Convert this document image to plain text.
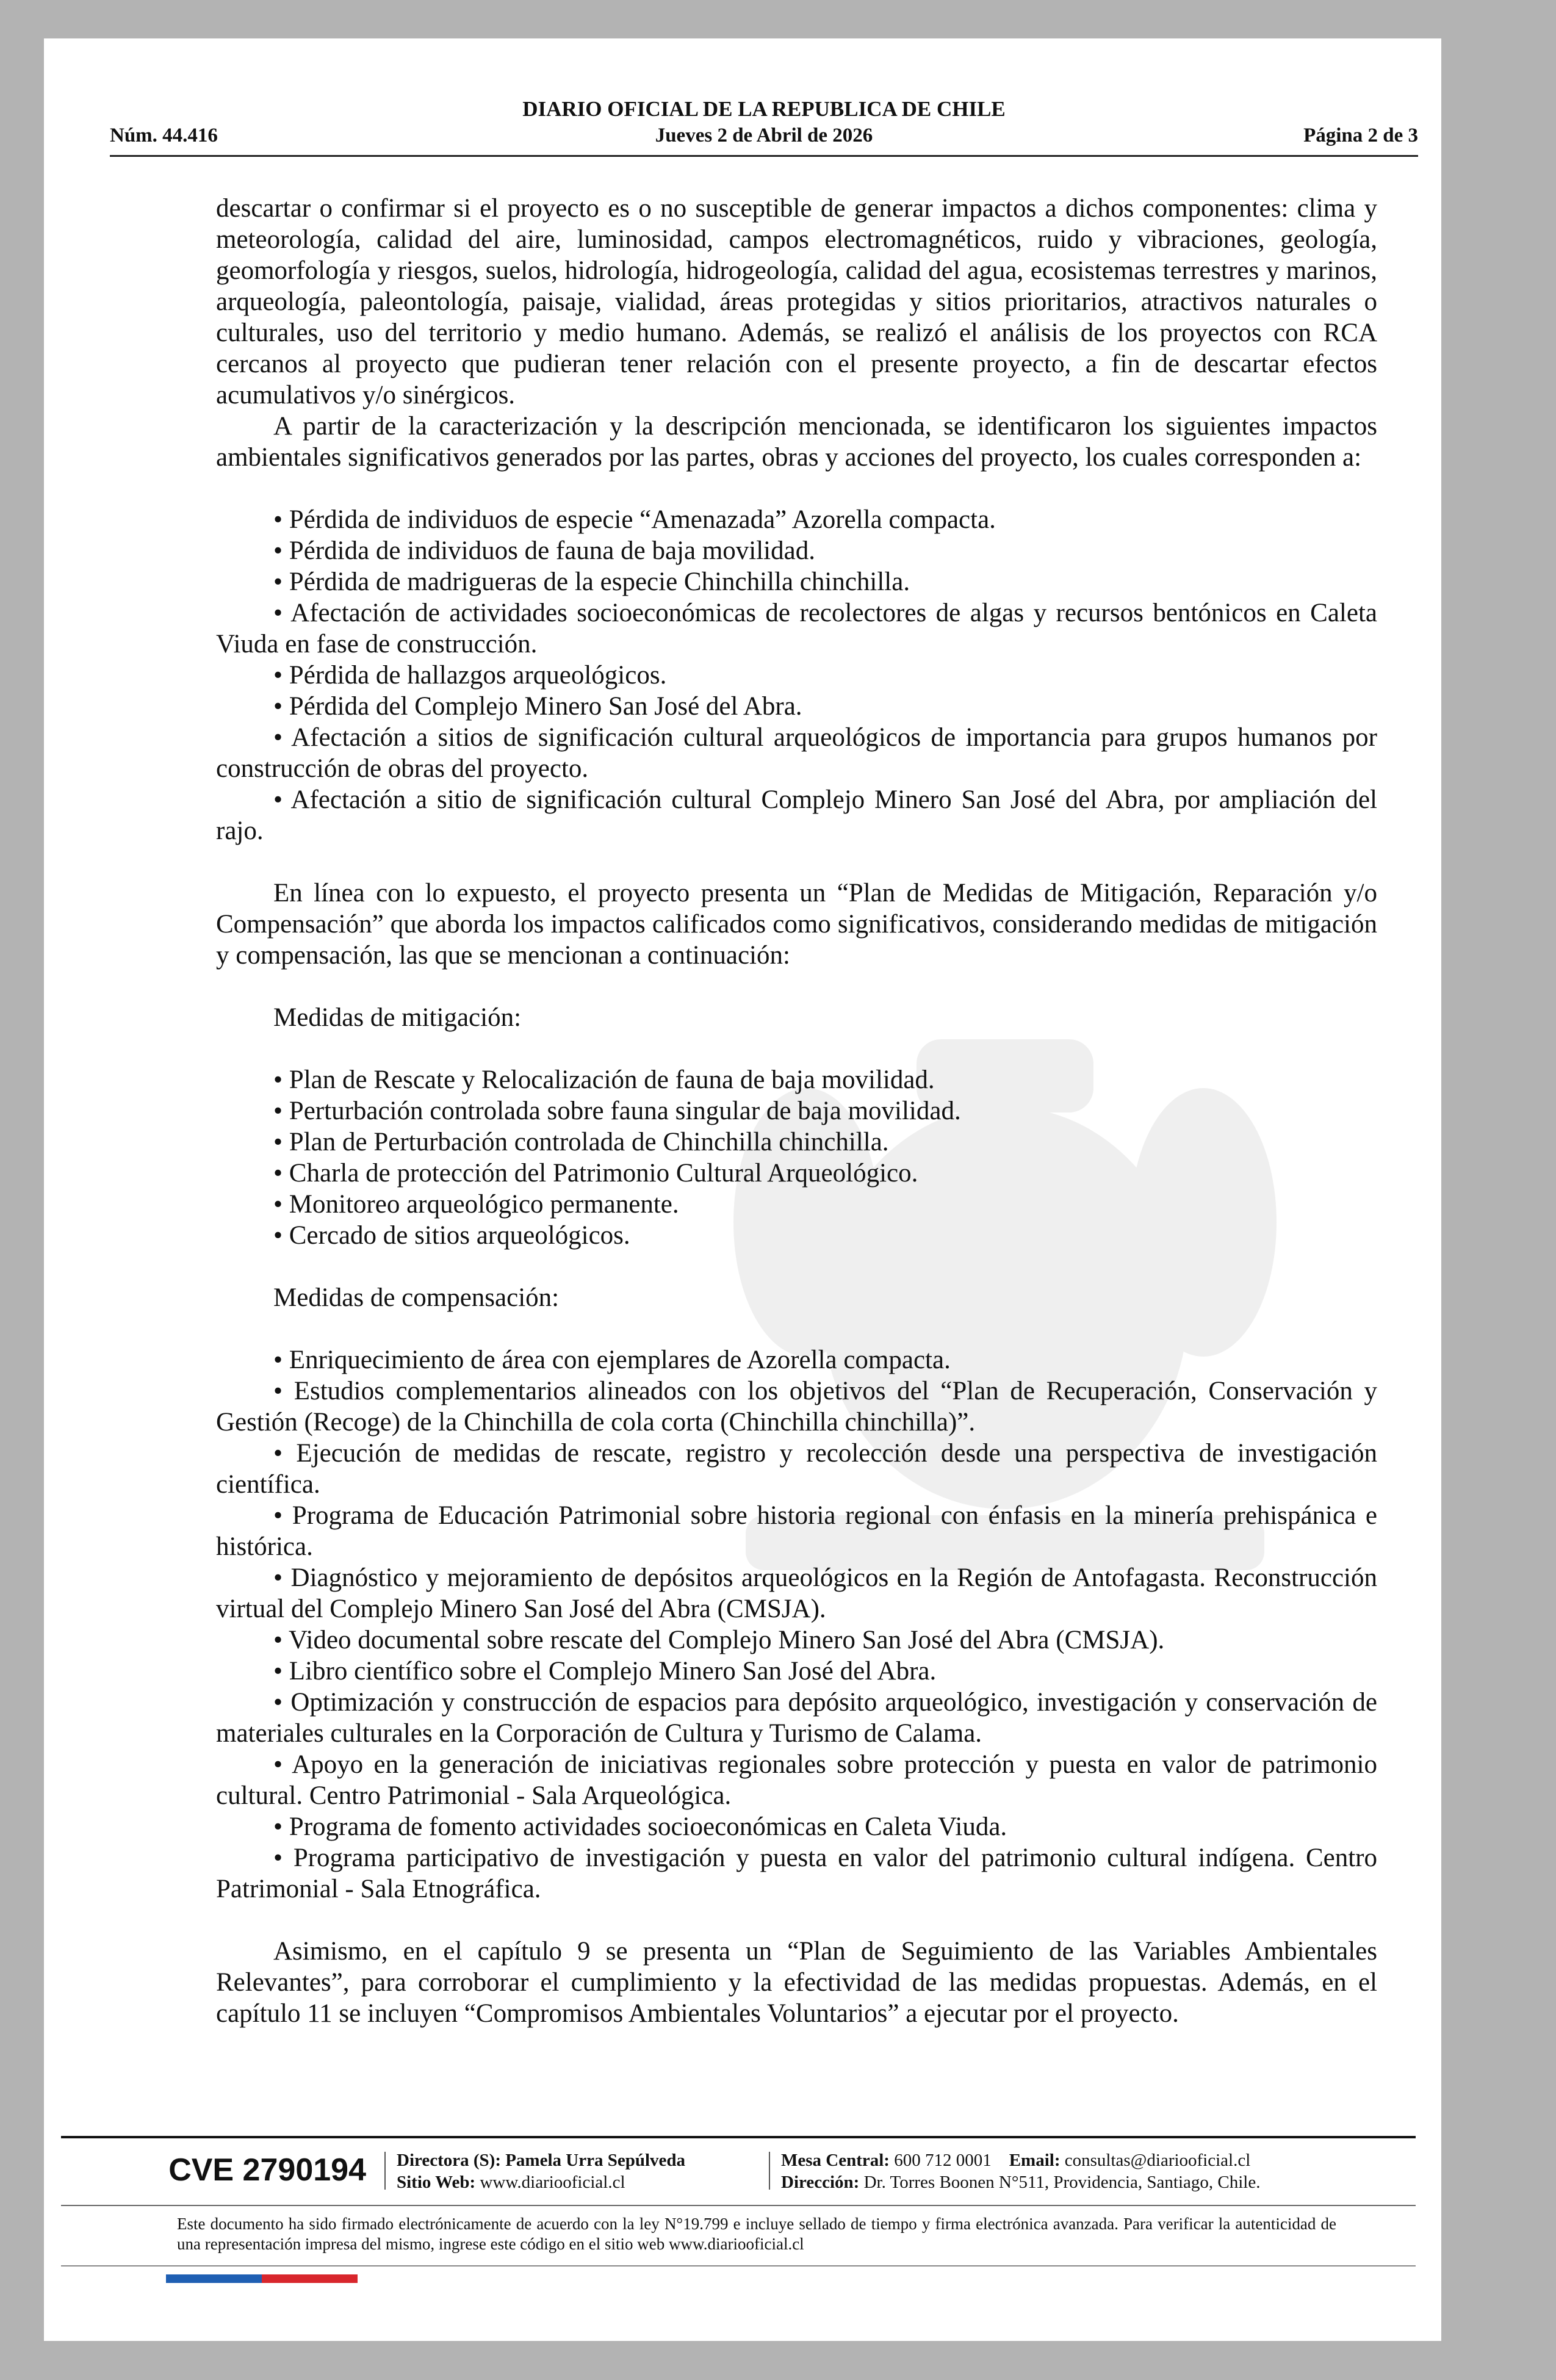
DIARIO OFICIAL DE LA REPUBLICA DE CHILE
Núm. 44.416	Jueves 2 de Abril de 2026	Página 2 de 3

descartar o confirmar si el proyecto es o no susceptible de generar impactos a dichos componentes: clima y meteorología, calidad del aire, luminosidad, campos electromagnéticos, ruido y vibraciones, geología, geomorfología y riesgos, suelos, hidrología, hidrogeología, calidad del agua, ecosistemas terrestres y marinos, arqueología, paleontología, paisaje, vialidad, áreas protegidas y sitios prioritarios, atractivos naturales o culturales, uso del territorio y medio humano. Además, se realizó el análisis de los proyectos con RCA cercanos al proyecto que pudieran tener relación con el presente proyecto, a fin de descartar efectos acumulativos y/o sinérgicos.

A partir de la caracterización y la descripción mencionada, se identificaron los siguientes impactos ambientales significativos generados por las partes, obras y acciones del proyecto, los cuales corresponden a:

• Pérdida de individuos de especie “Amenazada” Azorella compacta.

• Pérdida de individuos de fauna de baja movilidad.

• Pérdida de madrigueras de la especie Chinchilla chinchilla.

• Afectación de actividades socioeconómicas de recolectores de algas y recursos bentónicos en Caleta Viuda en fase de construcción.

• Pérdida de hallazgos arqueológicos.

• Pérdida del Complejo Minero San José del Abra.

• Afectación a sitios de significación cultural arqueológicos de importancia para grupos humanos por construcción de obras del proyecto.

• Afectación a sitio de significación cultural Complejo Minero San José del Abra, por ampliación del rajo.

En línea con lo expuesto, el proyecto presenta un “Plan de Medidas de Mitigación, Reparación y/o Compensación” que aborda los impactos calificados como significativos, considerando medidas de mitigación y compensación, las que se mencionan a continuación:

Medidas de mitigación:

• Plan de Rescate y Relocalización de fauna de baja movilidad.

• Perturbación controlada sobre fauna singular de baja movilidad.

• Plan de Perturbación controlada de Chinchilla chinchilla.

• Charla de protección del Patrimonio Cultural Arqueológico.

• Monitoreo arqueológico permanente.

• Cercado de sitios arqueológicos.

Medidas de compensación:

• Enriquecimiento de área con ejemplares de Azorella compacta.

• Estudios complementarios alineados con los objetivos del “Plan de Recuperación, Conservación y Gestión (Recoge) de la Chinchilla de cola corta (Chinchilla chinchilla)”.

• Ejecución de medidas de rescate, registro y recolección desde una perspectiva de investigación científica.

• Programa de Educación Patrimonial sobre historia regional con énfasis en la minería prehispánica e histórica.

• Diagnóstico y mejoramiento de depósitos arqueológicos en la Región de Antofagasta. Reconstrucción virtual del Complejo Minero San José del Abra (CMSJA).

• Video documental sobre rescate del Complejo Minero San José del Abra (CMSJA).

• Libro científico sobre el Complejo Minero San José del Abra.

• Optimización y construcción de espacios para depósito arqueológico, investigación y conservación de materiales culturales en la Corporación de Cultura y Turismo de Calama.

• Apoyo en la generación de iniciativas regionales sobre protección y puesta en valor de patrimonio cultural. Centro Patrimonial - Sala Arqueológica.

• Programa de fomento actividades socioeconómicas en Caleta Viuda.

• Programa participativo de investigación y puesta en valor del patrimonio cultural indígena. Centro Patrimonial - Sala Etnográfica.

Asimismo, en el capítulo 9 se presenta un “Plan de Seguimiento de las Variables Ambientales Relevantes”, para corroborar el cumplimiento y la efectividad de las medidas propuestas. Además, en el capítulo 11 se incluyen “Compromisos Ambientales Voluntarios” a ejecutar por el proyecto.

CVE 2790194 Directora (S): Pamela Urra Sepúlveda
Sitio Web: www.diariooficial.cl
Mesa Central: 600 712 0001 Email: consultas@diariooficial.cl
Dirección: Dr. Torres Boonen N°511, Providencia, Santiago, Chile.
Este documento ha sido firmado electrónicamente de acuerdo con la ley N°19.799 e incluye sellado de tiempo y firma electrónica avanzada. Para verificar la autenticidad de una representación impresa del mismo, ingrese este código en el sitio web www.diariooficial.cl
